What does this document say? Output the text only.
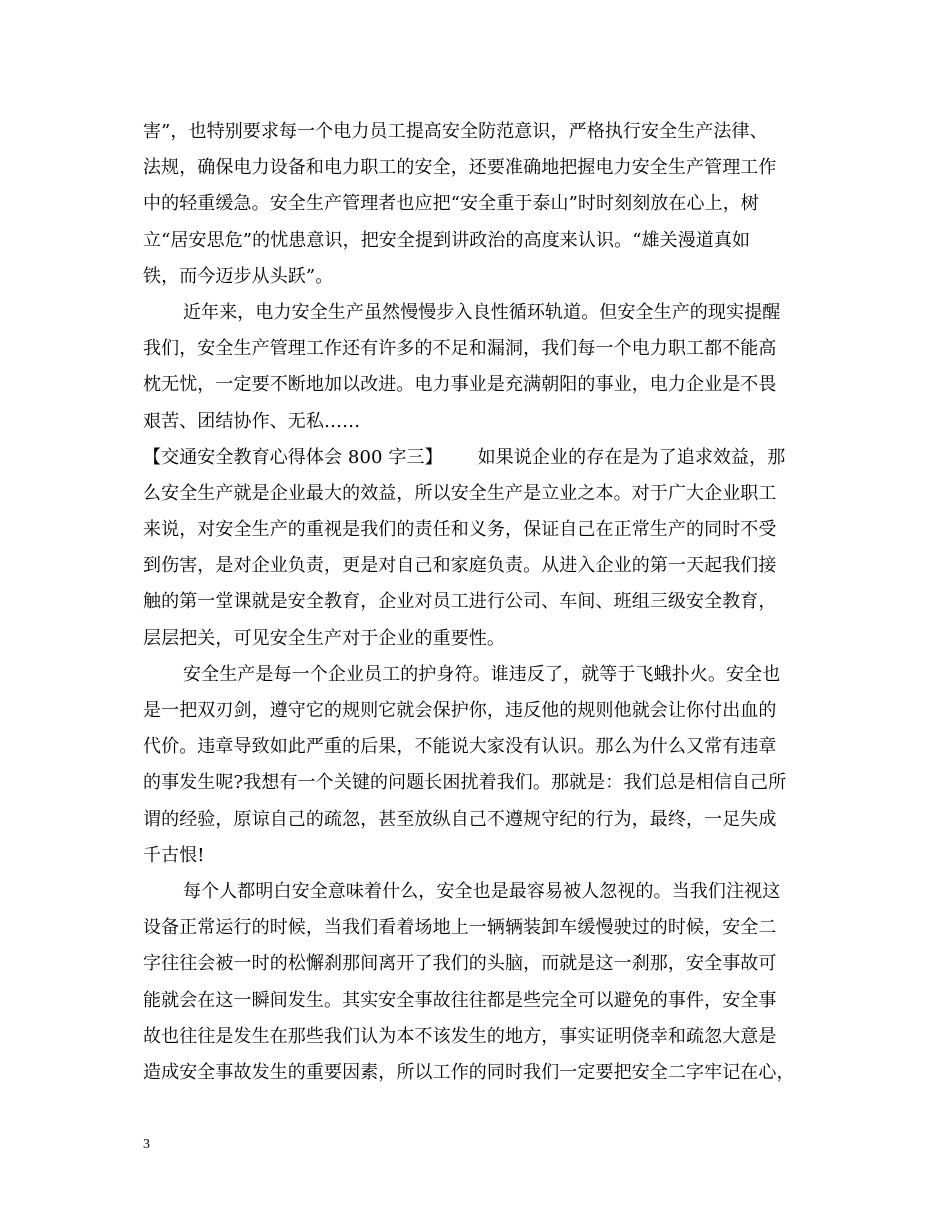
害”，也特别要求每一个电力员工提高安全防范意识，严格执行安全生产法律、
法规，确保电力设备和电力职工的安全，还要准确地把握电力安全生产管理工作
中的轻重缓急。安全生产管理者也应把“安全重于泰山”时时刻刻放在心上，树
立“居安思危”的忧患意识，把安全提到讲政治的高度来认识。“雄关漫道真如
铁，而今迈步从头跃”。
近年来，电力安全生产虽然慢慢步入良性循环轨道。但安全生产的现实提醒
我们，安全生产管理工作还有许多的不足和漏洞，我们每一个电力职工都不能高
枕无忧，一定要不断地加以改进。电力事业是充满朝阳的事业，电力企业是不畏
艰苦、团结协作、无私……
【交通安全教育心得体会 800 字三】      如果说企业的存在是为了追求效益，那
么安全生产就是企业最大的效益，所以安全生产是立业之本。对于广大企业职工
来说，对安全生产的重视是我们的责任和义务，保证自己在正常生产的同时不受
到伤害，是对企业负责，更是对自己和家庭负责。从进入企业的第一天起我们接
触的第一堂课就是安全教育，企业对员工进行公司、车间、班组三级安全教育，
层层把关，可见安全生产对于企业的重要性。
安全生产是每一个企业员工的护身符。谁违反了，就等于飞蛾扑火。安全也
是一把双刃剑，遵守它的规则它就会保护你，违反他的规则他就会让你付出血的
代价。违章导致如此严重的后果，不能说大家没有认识。那么为什么又常有违章
的事发生呢?我想有一个关键的问题长困扰着我们。那就是：我们总是相信自己所
谓的经验，原谅自己的疏忽，甚至放纵自己不遵规守纪的行为，最终，一足失成
千古恨!
每个人都明白安全意味着什么，安全也是最容易被人忽视的。当我们注视这
设备正常运行的时候，当我们看着场地上一辆辆装卸车缓慢驶过的时候，安全二
字往往会被一时的松懈刹那间离开了我们的头脑，而就是这一刹那，安全事故可
能就会在这一瞬间发生。其实安全事故往往都是些完全可以避免的事件，安全事
故也往往是发生在那些我们认为本不该发生的地方，事实证明侥幸和疏忽大意是
造成安全事故发生的重要因素，所以工作的同时我们一定要把安全二字牢记在心，
3
